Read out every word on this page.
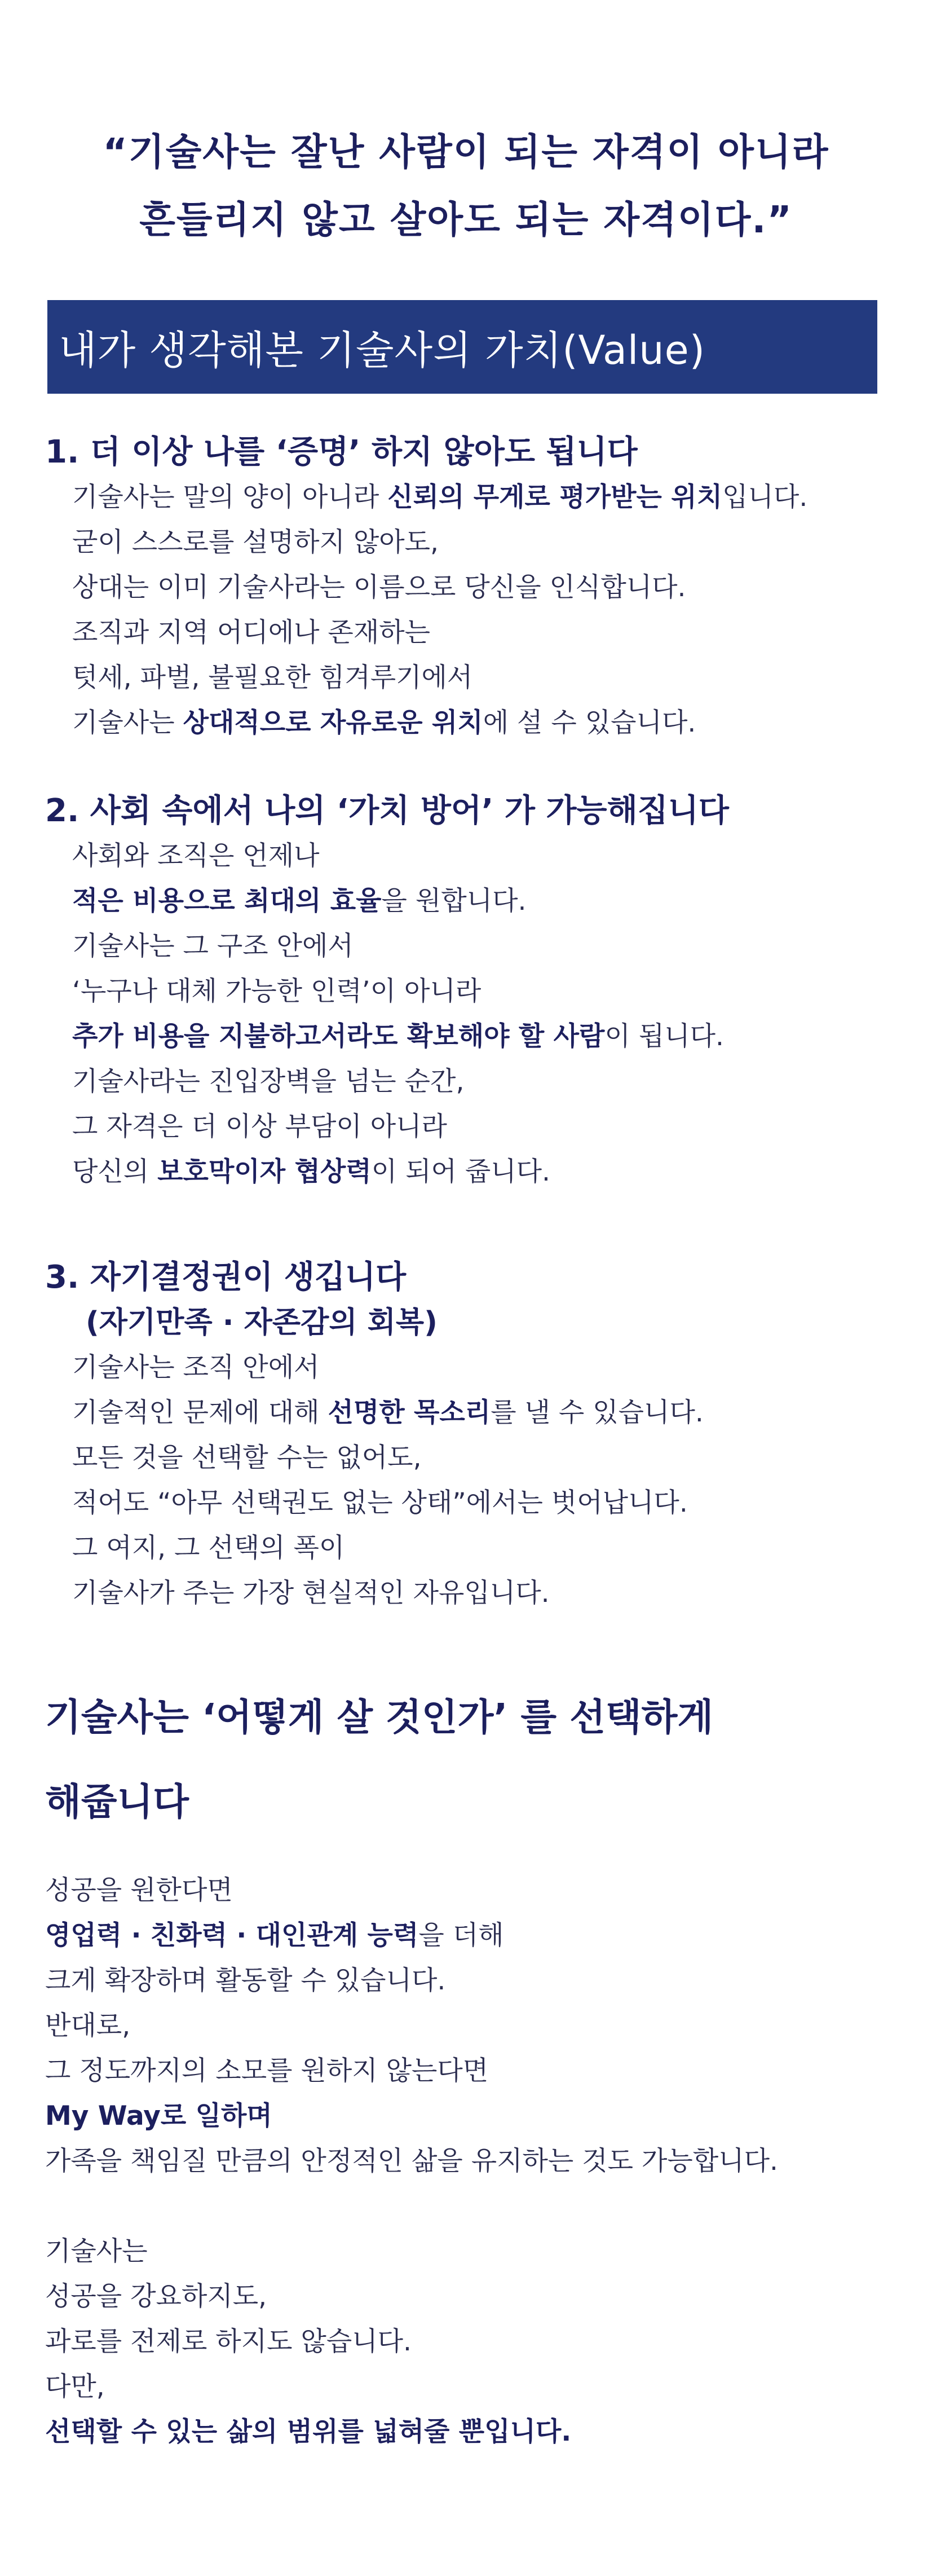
“기술사는 잘난 사람이 되는 자격이 아니라
흔들리지 않고 살아도 되는 자격이다.”
내가 생각해본 기술사의 가치(Value)
1. 더 이상 나를 ‘증명’ 하지 않아도 됩니다
기술사는 말의 양이 아니라 신뢰의 무게로 평가받는 위치입니다.
굳이 스스로를 설명하지 않아도,
상대는 이미 기술사라는 이름으로 당신을 인식합니다.
조직과 지역 어디에나 존재하는
텃세, 파벌, 불필요한 힘겨루기에서
기술사는 상대적으로 자유로운 위치에 설 수 있습니다.
2. 사회 속에서 나의 ‘가치 방어’ 가 가능해집니다
사회와 조직은 언제나
적은 비용으로 최대의 효율을 원합니다.
기술사는 그 구조 안에서
‘누구나 대체 가능한 인력’이 아니라
추가 비용을 지불하고서라도 확보해야 할 사람이 됩니다.
기술사라는 진입장벽을 넘는 순간,
그 자격은 더 이상 부담이 아니라
당신의 보호막이자 협상력이 되어 줍니다.
3. 자기결정권이 생깁니다
(자기만족 · 자존감의 회복)
기술사는 조직 안에서
기술적인 문제에 대해 선명한 목소리를 낼 수 있습니다.
모든 것을 선택할 수는 없어도,
적어도 “아무 선택권도 없는 상태”에서는 벗어납니다.
그 여지, 그 선택의 폭이
기술사가 주는 가장 현실적인 자유입니다.
기술사는 ‘어떻게 살 것인가’ 를 선택하게
해줍니다
성공을 원한다면
영업력 · 친화력 · 대인관계 능력을 더해
크게 확장하며 활동할 수 있습니다.
반대로,
그 정도까지의 소모를 원하지 않는다면
My Way로 일하며
가족을 책임질 만큼의 안정적인 삶을 유지하는 것도 가능합니다.
기술사는
성공을 강요하지도,
과로를 전제로 하지도 않습니다.
다만,
선택할 수 있는 삶의 범위를 넓혀줄 뿐입니다.
